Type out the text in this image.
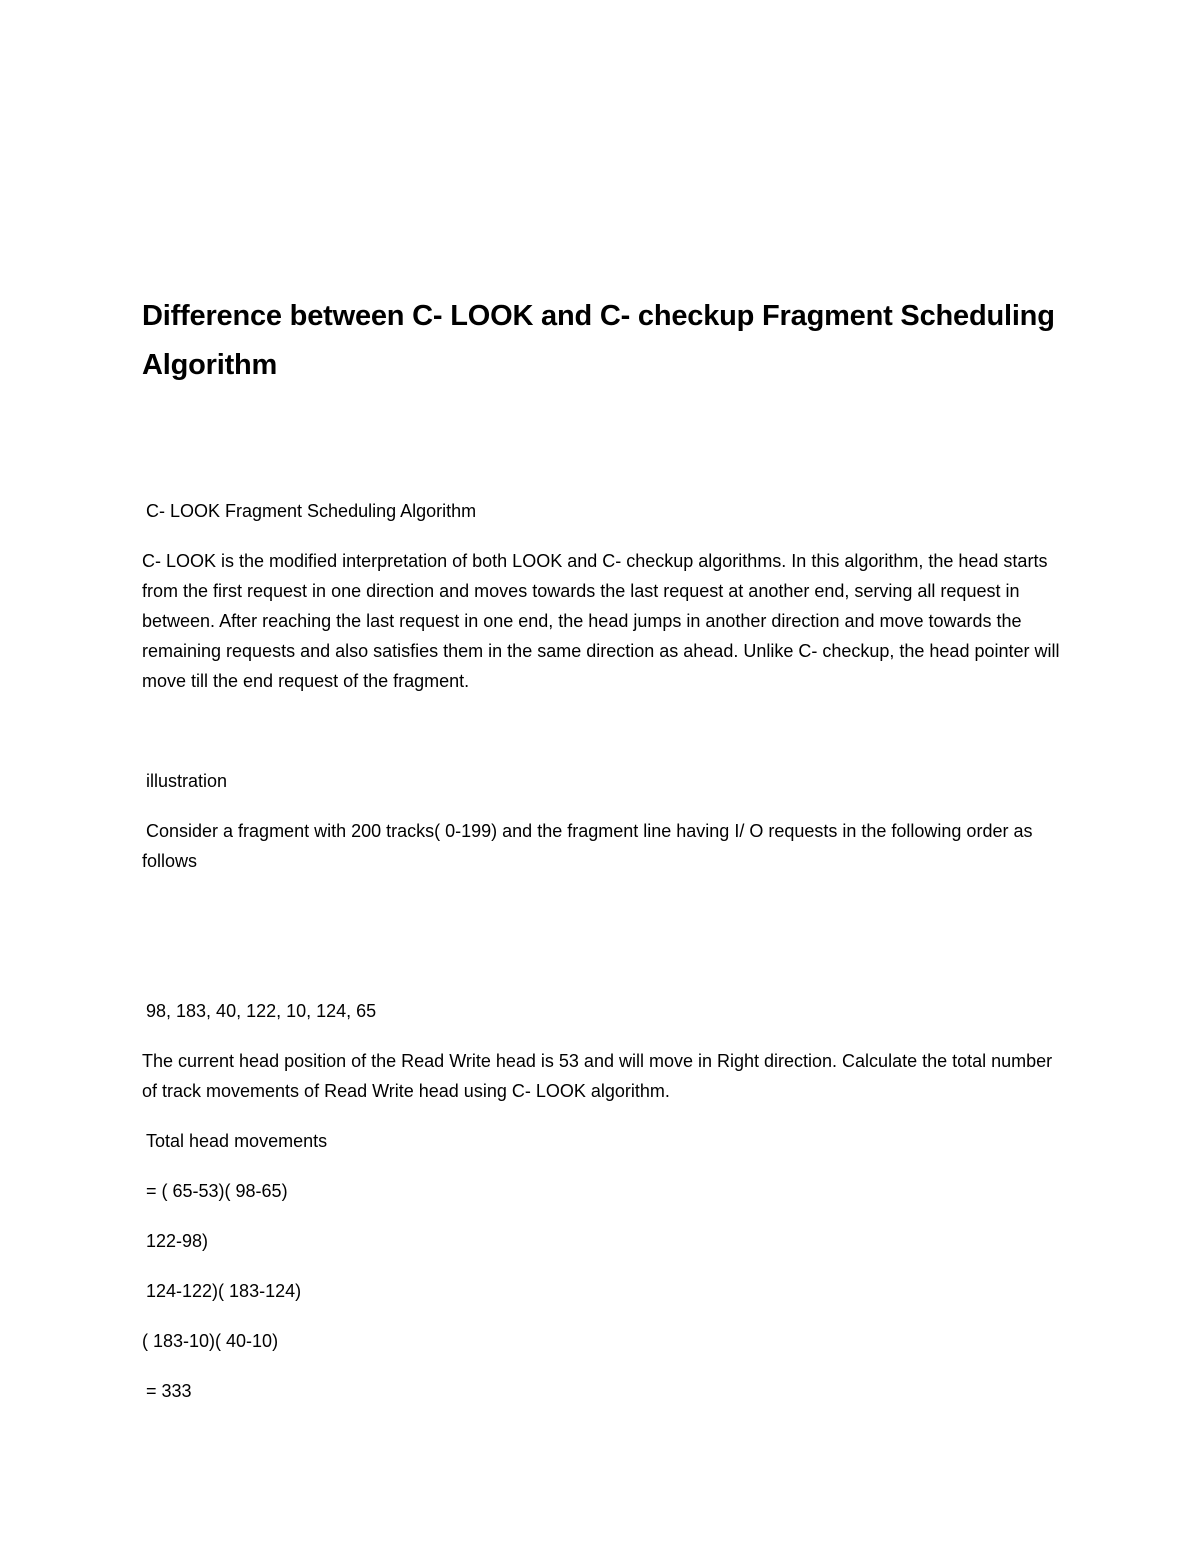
Difference between C- LOOK and C- checkup Fragment Scheduling Algorithm

C- LOOK Fragment Scheduling Algorithm

C- LOOK is the modified interpretation of both LOOK and C- checkup algorithms. In this algorithm, the head starts from the first request in one direction and moves towards the last request at another end, serving all request in between. After reaching the last request in one end, the head jumps in another direction and move towards the remaining requests and also satisfies them in the same direction as ahead. Unlike C- checkup, the head pointer will move till the end request of the fragment.

illustration

Consider a fragment with 200 tracks( 0-199) and the fragment line having I/ O requests in the following order as follows

98, 183, 40, 122, 10, 124, 65

The current head position of the Read Write head is 53 and will move in Right direction. Calculate the total number of track movements of Read Write head using C- LOOK algorithm.

Total head movements

= ( 65-53)( 98-65)

122-98)

124-122)( 183-124)

( 183-10)( 40-10)

= 333
